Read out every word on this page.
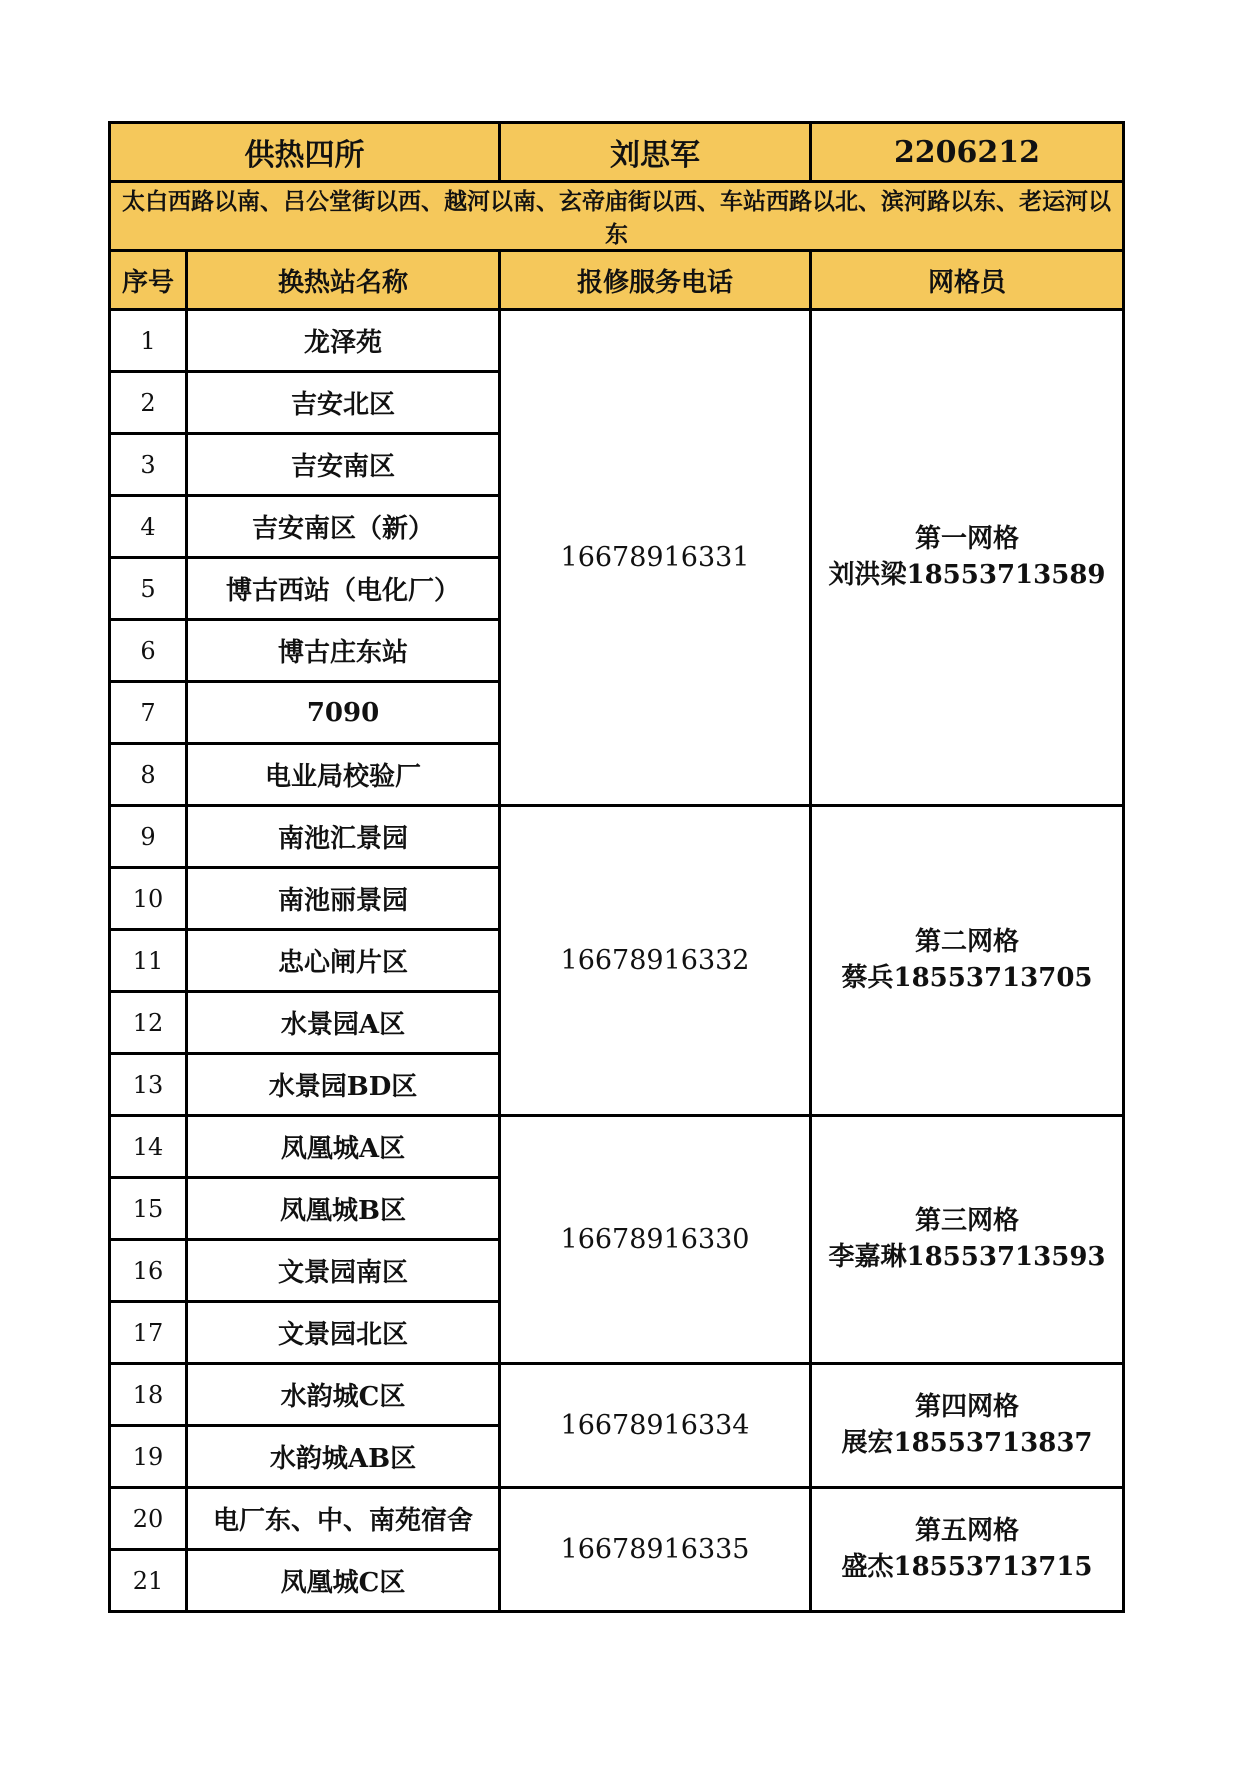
供热四所		刘思军	2206212
太白西路以南、吕公堂街以西、越河以南、玄帝庙街以西、车站西路以北、滨河路以东、老运河以东			
序号	换热站名称	报修服务电话	网格员
1	龙泽苑	16678916331	第一网格
刘洪梁18553713589

2	吉安北区		
3	吉安南区		
4	吉安南区（新）		
5	博古西站（电化厂）		
6	博古庄东站		
7	7090		
8	电业局校验厂		
9	南池汇景园	16678916332	第二网格
蔡兵18553713705

10	南池丽景园		
11	忠心闸片区		
12	水景园A区		
13	水景园BD区		
14	凤凰城A区	16678916330	第三网格
李嘉琳18553713593

15	凤凰城B区		
16	文景园南区		
17	文景园北区		
18	水韵城C区	16678916334	第四网格
展宏18553713837

19	水韵城AB区		
20	电厂东、中、南苑宿舍	16678916335	第五网格
盛杰18553713715

21	凤凰城C区		
